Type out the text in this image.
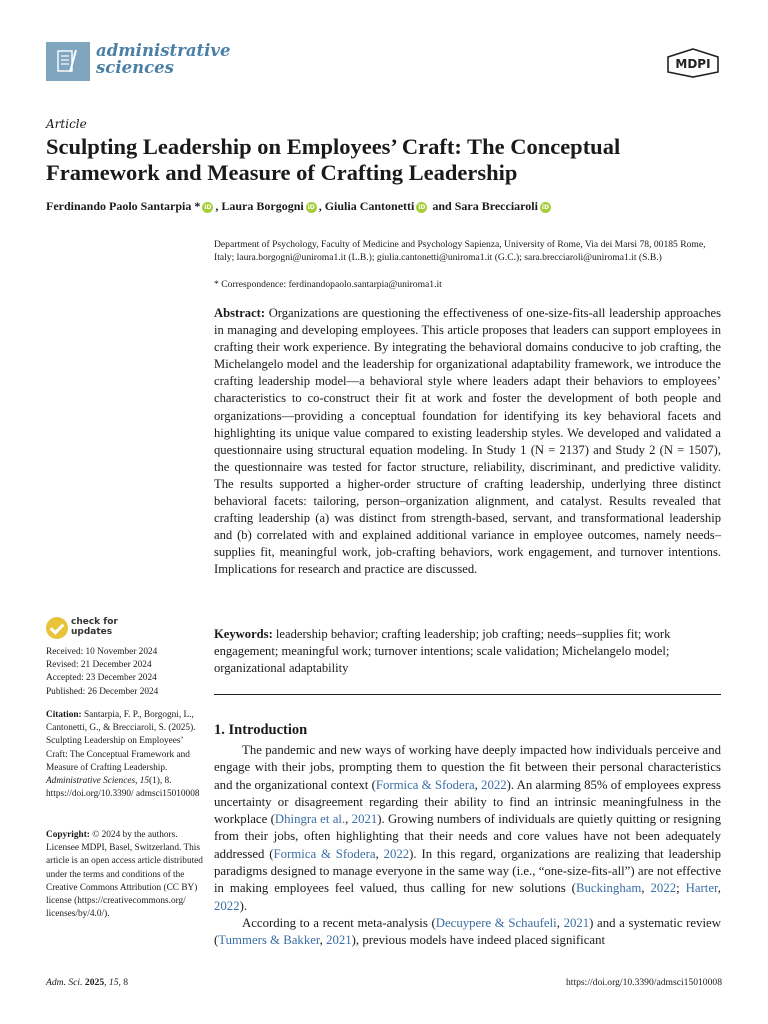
administrative
sciences	MDPI
Article
Sculpting Leadership on Employees’ Craft: The Conceptual Framework and Measure of Crafting Leadership
Ferdinando Paolo Santarpia * iD , Laura Borgogni iD , Giulia Cantonetti iD and Sara Brecciaroli iD
Department of Psychology, Faculty of Medicine and Psychology Sapienza, University of Rome, Via dei Marsi 78, 00185 Rome, Italy; laura.borgogni@uniroma1.it (L.B.); giulia.cantonetti@uniroma1.it (G.C.); sara.brecciaroli@uniroma1.it (S.B.)
* Correspondence: ferdinandopaolo.santarpia@uniroma1.it
Abstract: Organizations are questioning the effectiveness of one-size-fits-all leadership approaches in managing and developing employees. This article proposes that leaders can support employees in crafting their work experience. By integrating the behavioral domains conducive to job crafting, the Michelangelo model and the leadership for organizational adaptability framework, we introduce the crafting leadership model—a behavioral style where leaders adapt their behaviors to employees’ characteristics to co-construct their fit at work and foster the development of both people and organizations—providing a conceptual foundation for identifying its key behavioral facets and highlighting its unique value compared to existing leadership styles. We developed and validated a questionnaire using structural equation modeling. In Study 1 (N = 2137) and Study 2 (N = 1507), the questionnaire was tested for factor structure, reliability, discriminant, and predictive validity. The results supported a higher-order structure of crafting leadership, underlying three distinct behavioral facets: tailoring, person–organization alignment, and catalyst. Results revealed that crafting leadership (a) was distinct from strength-based, servant, and transformational leadership and (b) correlated with and explained additional variance in employee outcomes, namely needs–supplies fit, meaningful work, job-crafting behaviors, work engagement, and turnover intentions. Implications for research and practice are discussed.
Keywords: leadership behavior; crafting leadership; job crafting; needs–supplies fit; work engagement; meaningful work; turnover intentions; scale validation; Michelangelo model; organizational adaptability
1. Introduction

The pandemic and new ways of working have deeply impacted how individuals perceive and engage with their jobs, prompting them to question the fit between their personal characteristics and the organizational context (Formica & Sfodera, 2022). An alarming 85% of employees express uncertainty or disagreement regarding their ability to find an intrinsic meaningfulness in the workplace (Dhingra et al., 2021). Growing numbers of individuals are quietly quitting or resigning from their jobs, often highlighting that their needs and core values have not been adequately addressed (Formica & Sfodera, 2022). In this regard, organizations are realizing that leadership paradigms designed to manage everyone in the same way (i.e., “one-size-fits-all”) are not effective in making employees feel valued, thus calling for new solutions (Buckingham, 2022; Harter, 2022).

According to a recent meta-analysis (Decuypere & Schaufeli, 2021) and a systematic review (Tummers & Bakker, 2021), previous models have indeed placed significant

check for
updates
Received: 10 November 2024
Revised: 21 December 2024
Accepted: 23 December 2024
Published: 26 December 2024
Citation: Santarpia, F. P., Borgogni, L., Cantonetti, G., & Brecciaroli, S. (2025). Sculpting Leadership on Employees’ Craft: The Conceptual Framework and Measure of Crafting Leadership. Administrative Sciences, 15(1), 8. https://doi.org/10.3390/ admsci15010008
Copyright: © 2024 by the authors. Licensee MDPI, Basel, Switzerland. This article is an open access article distributed under the terms and conditions of the Creative Commons Attribution (CC BY) license (https://creativecommons.org/ licenses/by/4.0/).
Adm. Sci. 2025, 15, 8	https://doi.org/10.3390/admsci15010008
